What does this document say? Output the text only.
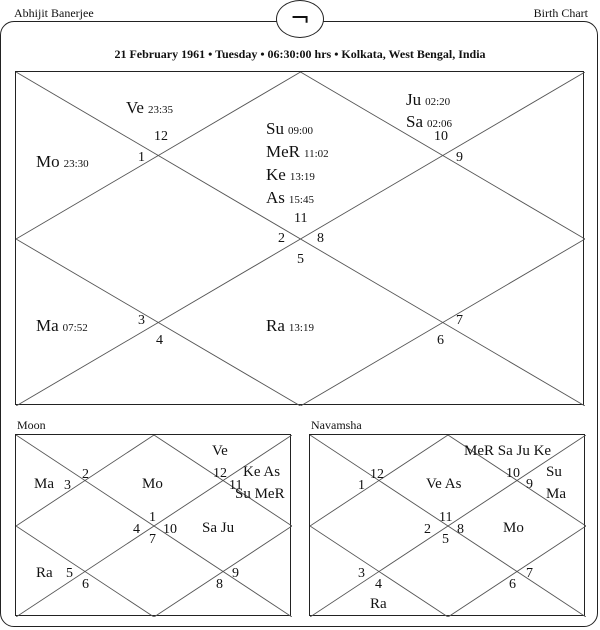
Abhijit Banerjee	Birth Chart
¬
21 February 1961 • Tuesday • 06:30:00 hrs • Kolkata, West Bengal, India
Ve 23:35
12
Mo 23:30	1
Su 09:00
MeR 11:02
Ke 13:19
As 15:45
11
Ju 02:20
Sa 02:06
10
9
2 8
5
Ma 07:52	3
4
Ra 13:19	7
6
Moon
Ve
12 Ke As
11
Su MeR
Ma 3
2
Mo
1
4 10
7
Sa Ju
Ra 5
6
9
8
Navamsha
MeR Sa Ju Ke
10 Su
9
Ma
12
1	Ve As
11
2 8
5
Mo
3
4
Ra
7
6
